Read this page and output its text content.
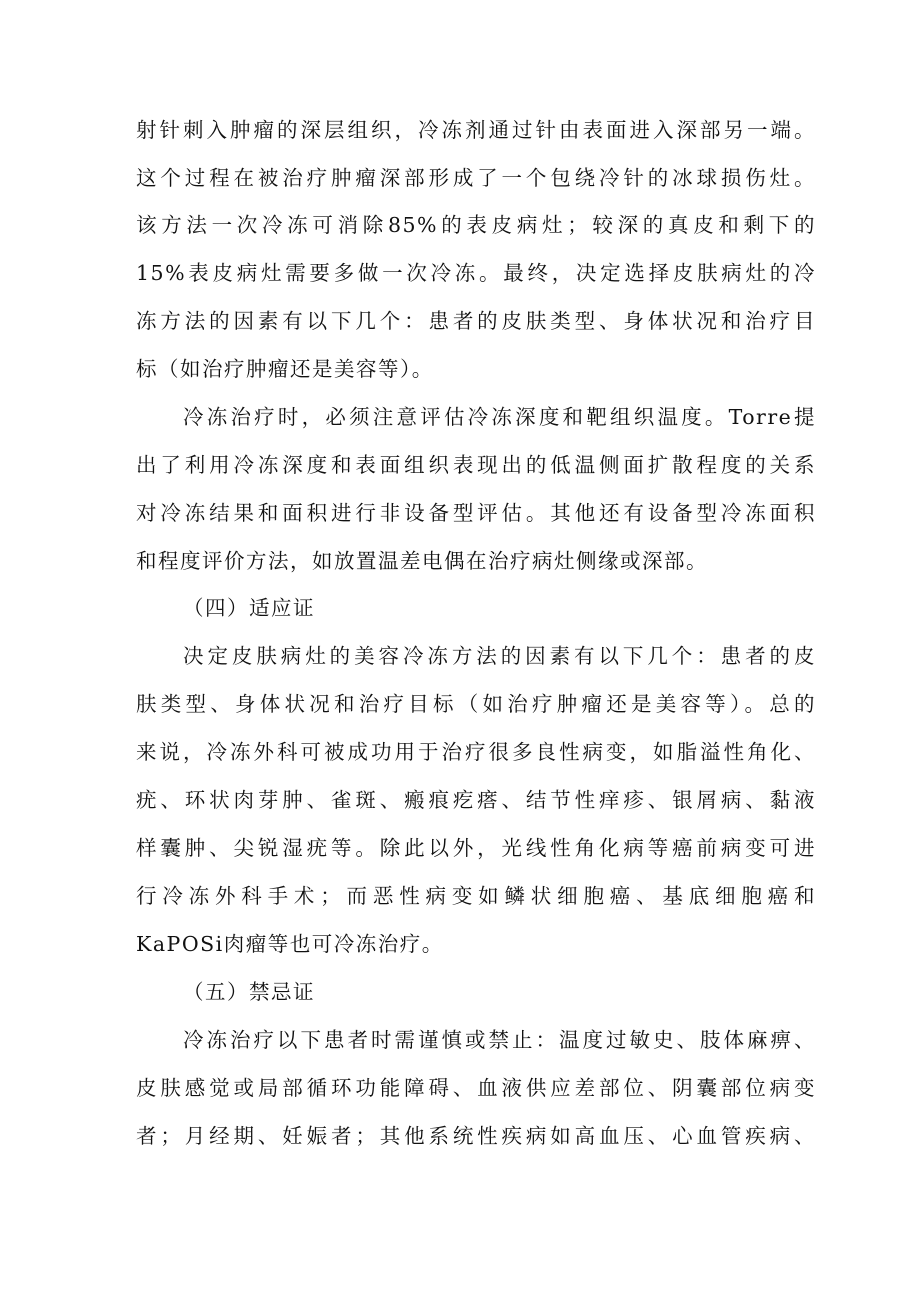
射针刺入肿瘤的深层组织，冷冻剂通过针由表面进入深部另一端。
这个过程在被治疗肿瘤深部形成了一个包绕冷针的冰球损伤灶。
该方法一次冷冻可消除85%的表皮病灶；较深的真皮和剩下的
15%表皮病灶需要多做一次冷冻。最终，决定选择皮肤病灶的冷
冻方法的因素有以下几个：患者的皮肤类型、身体状况和治疗目
标（如治疗肿瘤还是美容等）。
冷冻治疗时，必须注意评估冷冻深度和靶组织温度。Torre提
出了利用冷冻深度和表面组织表现出的低温侧面扩散程度的关系
对冷冻结果和面积进行非设备型评估。其他还有设备型冷冻面积
和程度评价方法，如放置温差电偶在治疗病灶侧缘或深部。
（四）适应证
决定皮肤病灶的美容冷冻方法的因素有以下几个：患者的皮
肤类型、身体状况和治疗目标（如治疗肿瘤还是美容等）。总的
来说，冷冻外科可被成功用于治疗很多良性病变，如脂溢性角化、
疣、环状肉芽肿、雀斑、瘢痕疙瘩、结节性痒疹、银屑病、黏液
样囊肿、尖锐湿疣等。除此以外，光线性角化病等癌前病变可进
行冷冻外科手术；而恶性病变如鳞状细胞癌、基底细胞癌和
KaPOSi肉瘤等也可冷冻治疗。
（五）禁忌证
冷冻治疗以下患者时需谨慎或禁止：温度过敏史、肢体麻痹、
皮肤感觉或局部循环功能障碍、血液供应差部位、阴囊部位病变
者；月经期、妊娠者；其他系统性疾病如高血压、心血管疾病、
